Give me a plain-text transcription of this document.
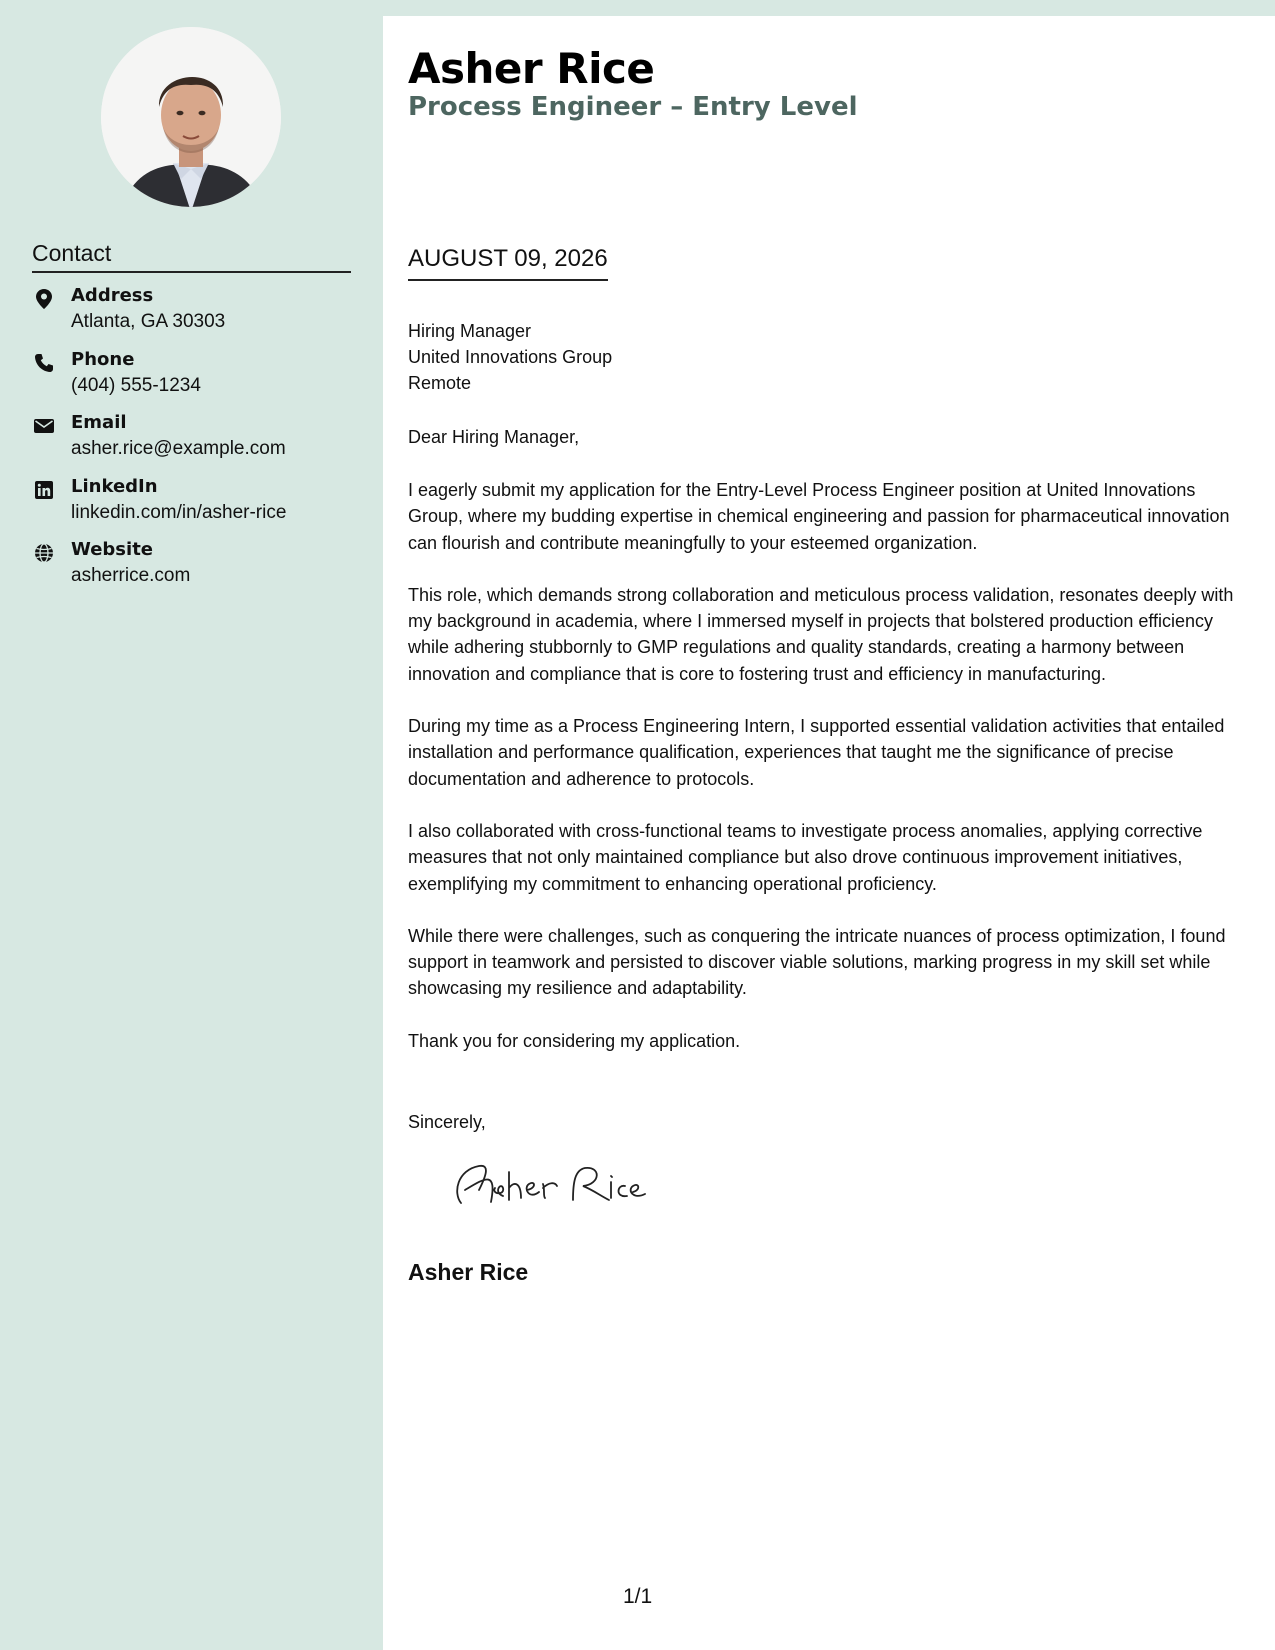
Contact
Address
Atlanta, GA 30303
Phone
(404) 555-1234
Email
asher.rice@example.com
LinkedIn
linkedin.com/in/asher-rice
Website
asherrice.com
Asher Rice
Process Engineer – Entry Level
AUGUST 09, 2026
Hiring Manager
United Innovations Group
Remote
Dear Hiring Manager,

I eagerly submit my application for the Entry-Level Process Engineer position at United Innovations Group, where my budding expertise in chemical engineering and passion for pharmaceutical innovation can flourish and contribute meaningfully to your esteemed organization.

This role, which demands strong collaboration and meticulous process validation, resonates deeply with my background in academia, where I immersed myself in projects that bolstered production efficiency while adhering stubbornly to GMP regulations and quality standards, creating a harmony between innovation and compliance that is core to fostering trust and efficiency in manufacturing.

During my time as a Process Engineering Intern, I supported essential validation activities that entailed installation and performance qualification, experiences that taught me the significance of precise documentation and adherence to protocols.

I also collaborated with cross-functional teams to investigate process anomalies, applying corrective measures that not only maintained compliance but also drove continuous improvement initiatives, exemplifying my commitment to enhancing operational proficiency.

While there were challenges, such as conquering the intricate nuances of process optimization, I found support in teamwork and persisted to discover viable solutions, marking progress in my skill set while showcasing my resilience and adaptability.

Thank you for considering my application.

Sincerely,
Asher Rice
1/1
